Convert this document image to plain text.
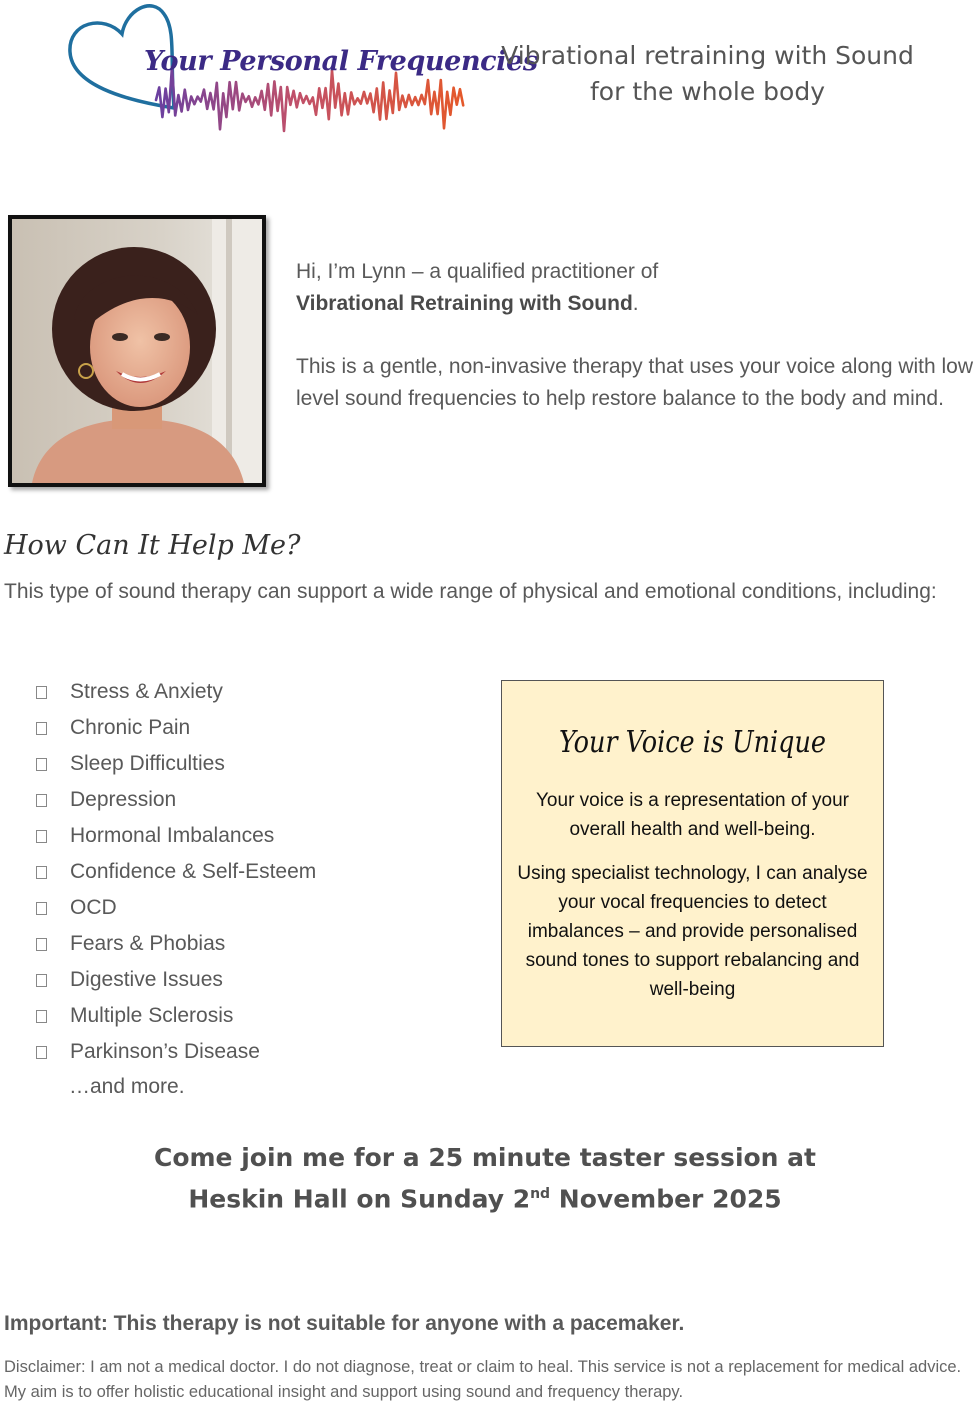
Your Personal Frequencies
Vibrational retraining with Sound
for the whole body

Hi, I’m Lynn – a qualified practitioner of
Vibrational Retraining with Sound.

This is a gentle, non-invasive therapy that uses your voice along with low level sound frequencies to help restore balance to the body and mind.

How Can It Help Me?

This type of sound therapy can support a wide range of physical and emotional conditions, including:

Stress & Anxiety
Chronic Pain
Sleep Difficulties
Depression
Hormonal Imbalances
Confidence & Self-Esteem
OCD
Fears & Phobias
Digestive Issues
Multiple Sclerosis
Parkinson’s Disease
…and more.
Your Voice is Unique

Your voice is a representation of your overall health and well-being.

Using specialist technology, I can analyse your vocal frequencies to detect imbalances – and provide personalised sound tones to support rebalancing and well-being

Come join me for a 25 minute taster session at
Heskin Hall on Sunday 2nd November 2025
Important: This therapy is not suitable for anyone with a pacemaker.

Disclaimer: I am not a medical doctor. I do not diagnose, treat or claim to heal. This service is not a replacement for medical advice. My aim is to offer holistic educational insight and support using sound and frequency therapy.
